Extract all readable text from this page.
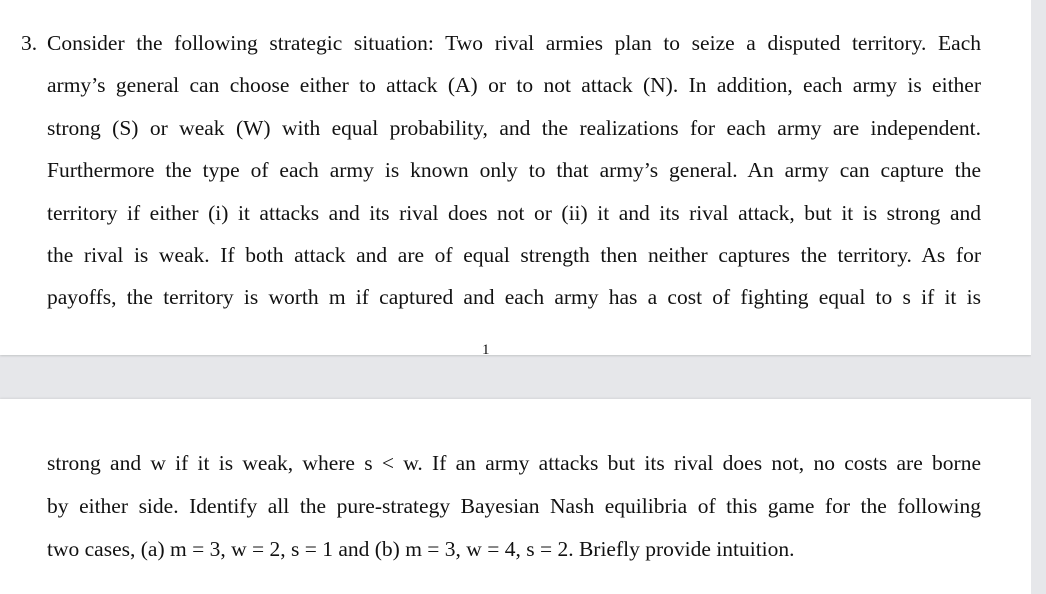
3. Consider the following strategic situation: Two rival armies plan to seize a disputed territory. Each
army’s general can choose either to attack (A) or to not attack (N). In addition, each army is either
strong (S) or weak (W) with equal probability, and the realizations for each army are independent.
Furthermore the type of each army is known only to that army’s general. An army can capture the
territory if either (i) it attacks and its rival does not or (ii) it and its rival attack, but it is strong and
the rival is weak. If both attack and are of equal strength then neither captures the territory. As for
payoffs, the territory is worth m if captured and each army has a cost of fighting equal to s if it is
1
strong and w if it is weak, where s < w. If an army attacks but its rival does not, no costs are borne
by either side. Identify all the pure-strategy Bayesian Nash equilibria of this game for the following
two cases, (a) m = 3, w = 2, s = 1 and (b) m = 3, w = 4, s = 2. Briefly provide intuition.
